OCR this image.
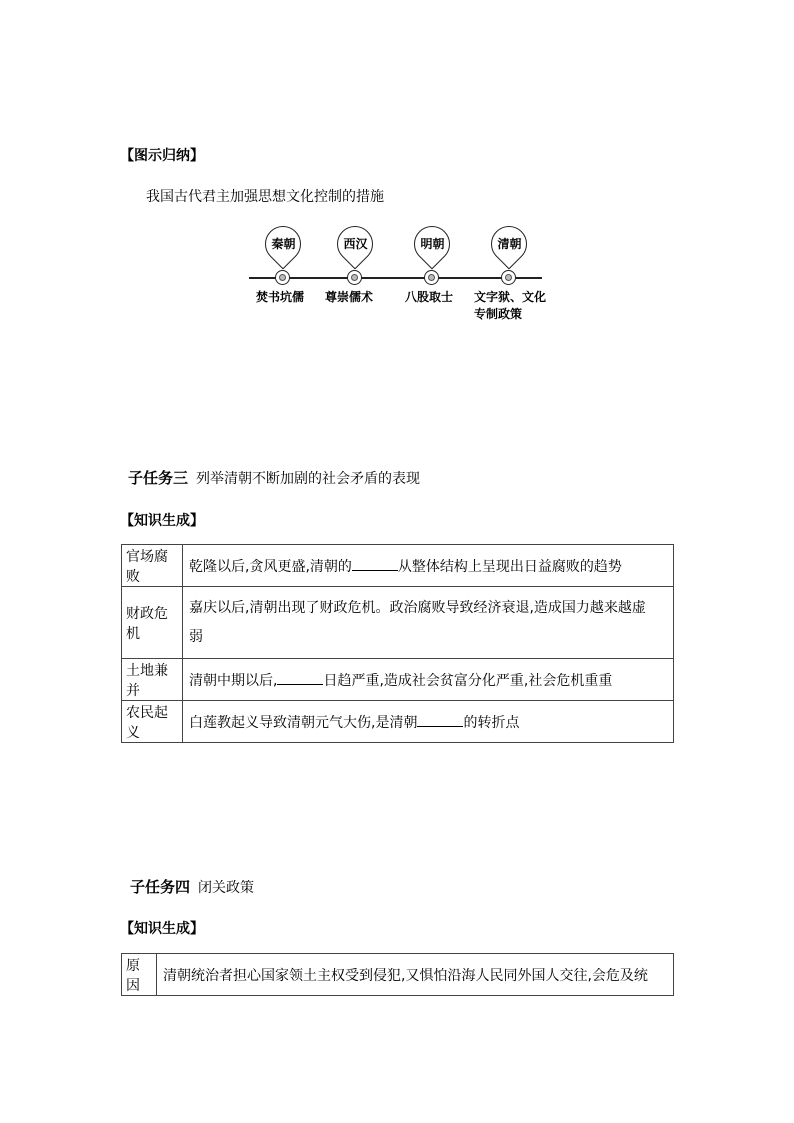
【图示归纳】
我国古代君主加强思想文化控制的措施
秦朝
焚书坑儒
西汉
尊崇儒术
明朝
八股取士
清朝
文字狱、文化
专制政策
子任务三 列举清朝不断加剧的社会矛盾的表现
【知识生成】
官场腐败	乾隆以后,贪风更盛,清朝的 从整体结构上呈现出日益腐败的趋势
财政危机	嘉庆以后,清朝出现了财政危机。政治腐败导致经济衰退,造成国力越来越虚
弱

土地兼并	清朝中期以后, 日趋严重,造成社会贫富分化严重,社会危机重重
农民起义	白莲教起义导致清朝元气大伤,是清朝 的转折点
子任务四 闭关政策
【知识生成】
原因	清朝统治者担心国家领土主权受到侵犯,又惧怕沿海人民同外国人交往,会危及统
